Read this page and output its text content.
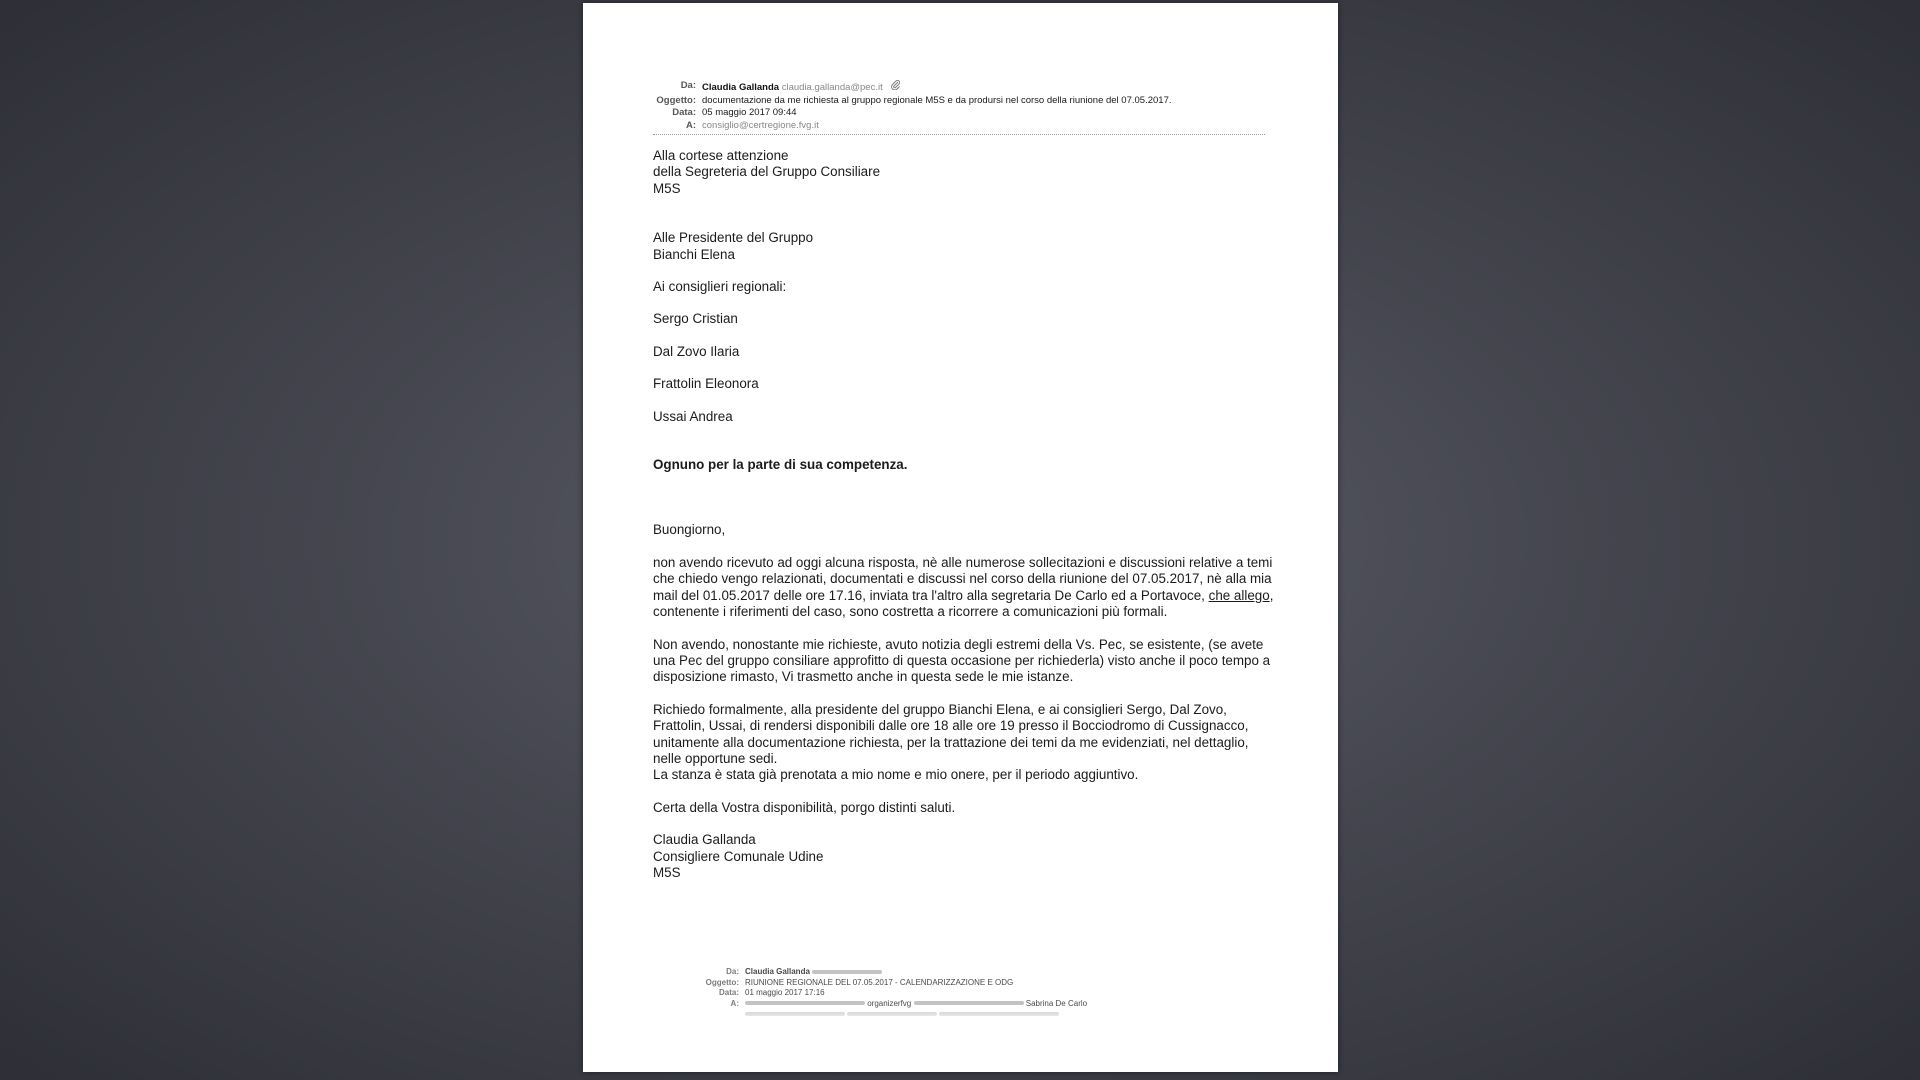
Da: Claudia Gallanda claudia.gallanda@pec.it
Oggetto: documentazione da me richiesta al gruppo regionale M5S e da prodursi nel corso della riunione del 07.05.2017.
Data: 05 maggio 2017 09:44
A: consiglio@certregione.fvg.it

Alla cortese attenzione

della Segreteria del Gruppo Consiliare

M5S

Alle Presidente del Gruppo

Bianchi Elena

Ai consiglieri regionali:

Sergo Cristian

Dal Zovo Ilaria

Frattolin Eleonora

Ussai Andrea

Ognuno per la parte di sua competenza.

Buongiorno,

non avendo ricevuto ad oggi alcuna risposta, nè alle numerose sollecitazioni e discussioni relative a temi che chiedo vengo relazionati, documentati e discussi nel corso della riunione del 07.05.2017, nè alla mia mail del 01.05.2017 delle ore 17.16, inviata tra l'altro alla segretaria De Carlo ed a Portavoce, che allego, contenente i riferimenti del caso, sono costretta a ricorrere a comunicazioni più formali.

Non avendo, nonostante mie richieste, avuto notizia degli estremi della Vs. Pec, se esistente, (se avete una Pec del gruppo consiliare approfitto di questa occasione per richiederla) visto anche il poco tempo a disposizione rimasto, Vi trasmetto anche in questa sede le mie istanze.

Richiedo formalmente, alla presidente del gruppo Bianchi Elena, e ai consiglieri Sergo, Dal Zovo, Frattolin, Ussai, di rendersi disponibili dalle ore 18 alle ore 19 presso il Bocciodromo di Cussignacco, unitamente alla documentazione richiesta, per la trattazione dei temi da me evidenziati, nel dettaglio, nelle opportune sedi.

La stanza è stata già prenotata a mio nome e mio onere, per il periodo aggiuntivo.

Certa della Vostra disponibilità, porgo distinti saluti.

Claudia Gallanda

Consigliere Comunale Udine

M5S

Da: Claudia Gallanda
Oggetto: RIUNIONE REGIONALE DEL 07.05.2017 - CALENDARIZZAZIONE E ODG
Data: 01 maggio 2017 17:16
A:	organizerfvg	Sabrina De Carlo
